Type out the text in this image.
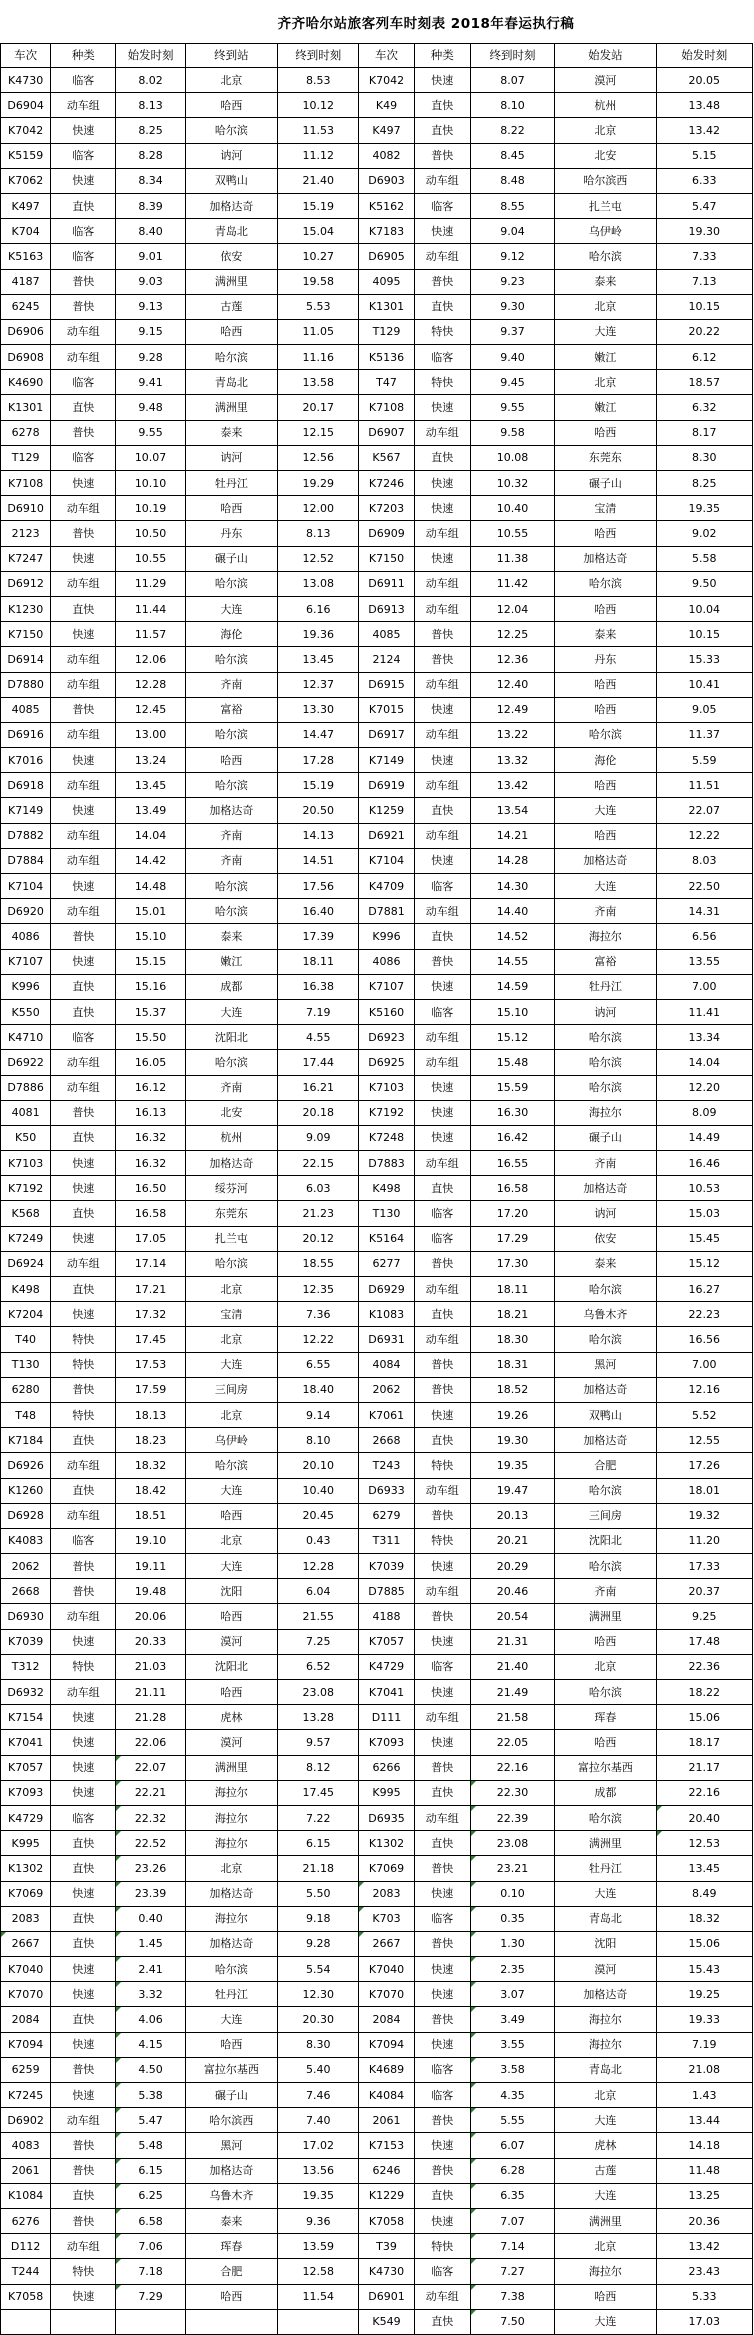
齐齐哈尔站旅客列车时刻表 2018年春运执行稿
车次	种类	始发时刻	终到站	终到时刻	车次	种类	终到时刻	始发站	始发时刻
K4730	临客	8.02	北京	8.53	K7042	快速	8.07	漠河	20.05
D6904	动车组	8.13	哈西	10.12	K49	直快	8.10	杭州	13.48
K7042	快速	8.25	哈尔滨	11.53	K497	直快	8.22	北京	13.42
K5159	临客	8.28	讷河	11.12	4082	普快	8.45	北安	5.15
K7062	快速	8.34	双鸭山	21.40	D6903	动车组	8.48	哈尔滨西	6.33
K497	直快	8.39	加格达奇	15.19	K5162	临客	8.55	扎兰屯	5.47
K704	临客	8.40	青岛北	15.04	K7183	快速	9.04	乌伊岭	19.30
K5163	临客	9.01	依安	10.27	D6905	动车组	9.12	哈尔滨	7.33
4187	普快	9.03	满洲里	19.58	4095	普快	9.23	泰来	7.13
6245	普快	9.13	古莲	5.53	K1301	直快	9.30	北京	10.15
D6906	动车组	9.15	哈西	11.05	T129	特快	9.37	大连	20.22
D6908	动车组	9.28	哈尔滨	11.16	K5136	临客	9.40	嫩江	6.12
K4690	临客	9.41	青岛北	13.58	T47	特快	9.45	北京	18.57
K1301	直快	9.48	满洲里	20.17	K7108	快速	9.55	嫩江	6.32
6278	普快	9.55	泰来	12.15	D6907	动车组	9.58	哈西	8.17
T129	临客	10.07	讷河	12.56	K567	直快	10.08	东莞东	8.30
K7108	快速	10.10	牡丹江	19.29	K7246	快速	10.32	碾子山	8.25
D6910	动车组	10.19	哈西	12.00	K7203	快速	10.40	宝清	19.35
2123	普快	10.50	丹东	8.13	D6909	动车组	10.55	哈西	9.02
K7247	快速	10.55	碾子山	12.52	K7150	快速	11.38	加格达奇	5.58
D6912	动车组	11.29	哈尔滨	13.08	D6911	动车组	11.42	哈尔滨	9.50
K1230	直快	11.44	大连	6.16	D6913	动车组	12.04	哈西	10.04
K7150	快速	11.57	海伦	19.36	4085	普快	12.25	泰来	10.15
D6914	动车组	12.06	哈尔滨	13.45	2124	普快	12.36	丹东	15.33
D7880	动车组	12.28	齐南	12.37	D6915	动车组	12.40	哈西	10.41
4085	普快	12.45	富裕	13.30	K7015	快速	12.49	哈西	9.05
D6916	动车组	13.00	哈尔滨	14.47	D6917	动车组	13.22	哈尔滨	11.37
K7016	快速	13.24	哈西	17.28	K7149	快速	13.32	海伦	5.59
D6918	动车组	13.45	哈尔滨	15.19	D6919	动车组	13.42	哈西	11.51
K7149	快速	13.49	加格达奇	20.50	K1259	直快	13.54	大连	22.07
D7882	动车组	14.04	齐南	14.13	D6921	动车组	14.21	哈西	12.22
D7884	动车组	14.42	齐南	14.51	K7104	快速	14.28	加格达奇	8.03
K7104	快速	14.48	哈尔滨	17.56	K4709	临客	14.30	大连	22.50
D6920	动车组	15.01	哈尔滨	16.40	D7881	动车组	14.40	齐南	14.31
4086	普快	15.10	泰来	17.39	K996	直快	14.52	海拉尔	6.56
K7107	快速	15.15	嫩江	18.11	4086	普快	14.55	富裕	13.55
K996	直快	15.16	成都	16.38	K7107	快速	14.59	牡丹江	7.00
K550	直快	15.37	大连	7.19	K5160	临客	15.10	讷河	11.41
K4710	临客	15.50	沈阳北	4.55	D6923	动车组	15.12	哈尔滨	13.34
D6922	动车组	16.05	哈尔滨	17.44	D6925	动车组	15.48	哈尔滨	14.04
D7886	动车组	16.12	齐南	16.21	K7103	快速	15.59	哈尔滨	12.20
4081	普快	16.13	北安	20.18	K7192	快速	16.30	海拉尔	8.09
K50	直快	16.32	杭州	9.09	K7248	快速	16.42	碾子山	14.49
K7103	快速	16.32	加格达奇	22.15	D7883	动车组	16.55	齐南	16.46
K7192	快速	16.50	绥芬河	6.03	K498	直快	16.58	加格达奇	10.53
K568	直快	16.58	东莞东	21.23	T130	临客	17.20	讷河	15.03
K7249	快速	17.05	扎兰屯	20.12	K5164	临客	17.29	依安	15.45
D6924	动车组	17.14	哈尔滨	18.55	6277	普快	17.30	泰来	15.12
K498	直快	17.21	北京	12.35	D6929	动车组	18.11	哈尔滨	16.27
K7204	快速	17.32	宝清	7.36	K1083	直快	18.21	乌鲁木齐	22.23
T40	特快	17.45	北京	12.22	D6931	动车组	18.30	哈尔滨	16.56
T130	特快	17.53	大连	6.55	4084	普快	18.31	黑河	7.00
6280	普快	17.59	三间房	18.40	2062	普快	18.52	加格达奇	12.16
T48	特快	18.13	北京	9.14	K7061	快速	19.26	双鸭山	5.52
K7184	直快	18.23	乌伊岭	8.10	2668	直快	19.30	加格达奇	12.55
D6926	动车组	18.32	哈尔滨	20.10	T243	特快	19.35	合肥	17.26
K1260	直快	18.42	大连	10.40	D6933	动车组	19.47	哈尔滨	18.01
D6928	动车组	18.51	哈西	20.45	6279	普快	20.13	三间房	19.32
K4083	临客	19.10	北京	0.43	T311	特快	20.21	沈阳北	11.20
2062	普快	19.11	大连	12.28	K7039	快速	20.29	哈尔滨	17.33
2668	普快	19.48	沈阳	6.04	D7885	动车组	20.46	齐南	20.37
D6930	动车组	20.06	哈西	21.55	4188	普快	20.54	满洲里	9.25
K7039	快速	20.33	漠河	7.25	K7057	快速	21.31	哈西	17.48
T312	特快	21.03	沈阳北	6.52	K4729	临客	21.40	北京	22.36
D6932	动车组	21.11	哈西	23.08	K7041	快速	21.49	哈尔滨	18.22
K7154	快速	21.28	虎林	13.28	D111	动车组	21.58	珲春	15.06
K7041	快速	22.06	漠河	9.57	K7093	快速	22.05	哈西	18.17
K7057	快速	22.07	满洲里	8.12	6266	普快	22.16	富拉尔基西	21.17
K7093	快速	22.21	海拉尔	17.45	K995	直快	22.30	成都	22.16
K4729	临客	22.32	海拉尔	7.22	D6935	动车组	22.39	哈尔滨	20.40
K995	直快	22.52	海拉尔	6.15	K1302	直快	23.08	满洲里	12.53
K1302	直快	23.26	北京	21.18	K7069	普快	23.21	牡丹江	13.45
K7069	快速	23.39	加格达奇	5.50	2083	快速	0.10	大连	8.49
2083	直快	0.40	海拉尔	9.18	K703	临客	0.35	青岛北	18.32
2667	直快	1.45	加格达奇	9.28	2667	普快	1.30	沈阳	15.06
K7040	快速	2.41	哈尔滨	5.54	K7040	快速	2.35	漠河	15.43
K7070	快速	3.32	牡丹江	12.30	K7070	快速	3.07	加格达奇	19.25
2084	直快	4.06	大连	20.30	2084	普快	3.49	海拉尔	19.33
K7094	快速	4.15	哈西	8.30	K7094	快速	3.55	海拉尔	7.19
6259	普快	4.50	富拉尔基西	5.40	K4689	临客	3.58	青岛北	21.08
K7245	快速	5.38	碾子山	7.46	K4084	临客	4.35	北京	1.43
D6902	动车组	5.47	哈尔滨西	7.40	2061	普快	5.55	大连	13.44
4083	普快	5.48	黑河	17.02	K7153	快速	6.07	虎林	14.18
2061	普快	6.15	加格达奇	13.56	6246	普快	6.28	古莲	11.48
K1084	直快	6.25	乌鲁木齐	19.35	K1229	直快	6.35	大连	13.25
6276	普快	6.58	泰来	9.36	K7058	快速	7.07	满洲里	20.36
D112	动车组	7.06	珲春	13.59	T39	特快	7.14	北京	13.42
T244	特快	7.18	合肥	12.58	K4730	临客	7.27	海拉尔	23.43
K7058	快速	7.29	哈西	11.54	D6901	动车组	7.38	哈西	5.33
					K549	直快	7.50	大连	17.03
